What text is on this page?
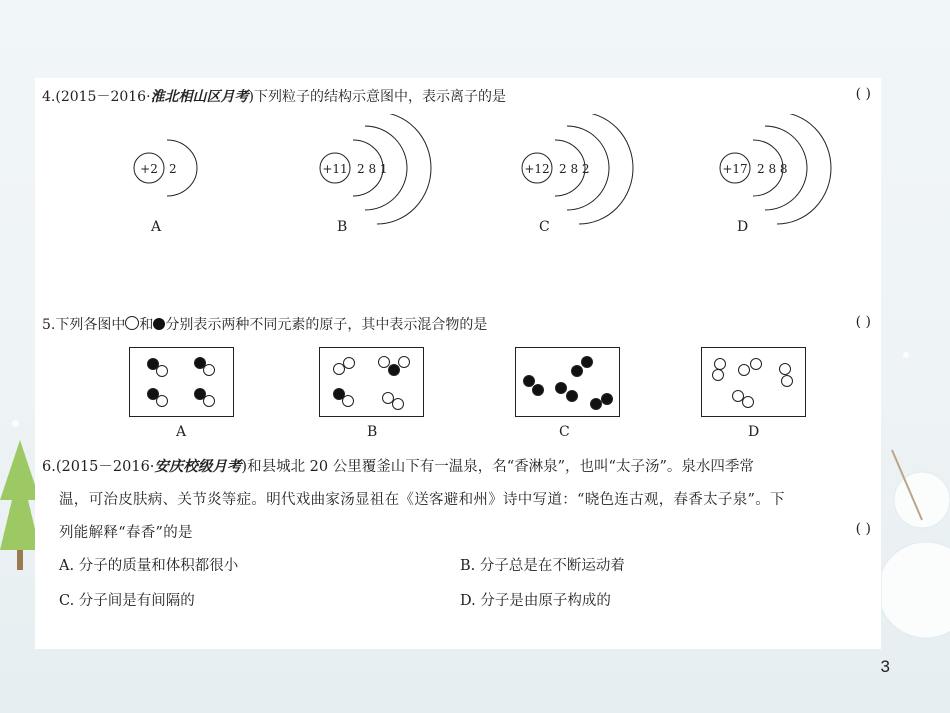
4.(2015－2016·淮北相山区月考)下列粒子的结构示意图中，表示离子的是	( )
+2 2
A
+11 2 8 1
B
+12 2 8 2
C
+17 2 8 8
D
5.下列各图中 和 分别表示两种不同元素的原子，其中表示混合物的是	( )
A	B	C	D
6.(2015－2016·安庆校级月考)和县城北 20 公里覆釜山下有一温泉，名“香淋泉”，也叫“太子汤”。泉水四季常
温，可治皮肤病、关节炎等症。明代戏曲家汤显祖在《送客避和州》诗中写道：“晓色连古观，春香太子泉”。下
列能解释“春香”的是	( )
A. 分子的质量和体积都很小	B. 分子总是在不断运动着
C. 分子间是有间隔的	D. 分子是由原子构成的
3
